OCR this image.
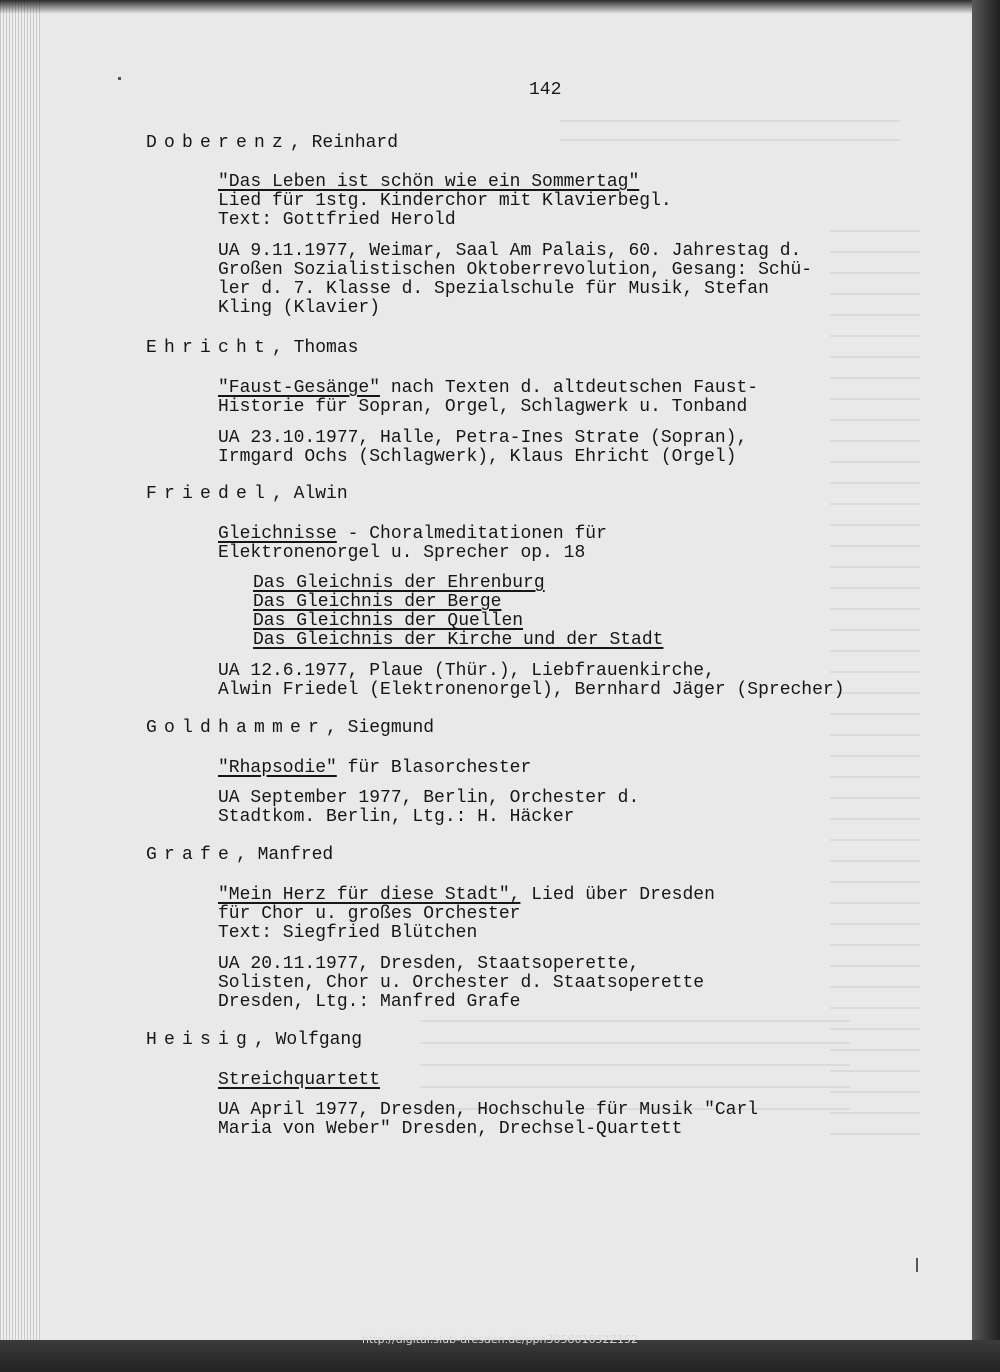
142
Doberenz, Reinhard
"Das Leben ist schön wie ein Sommertag"
Lied für 1stg. Kinderchor mit Klavierbegl.
Text: Gottfried Herold
UA 9.11.1977, Weimar, Saal Am Palais, 60. Jahrestag d.
Großen Sozialistischen Oktoberrevolution, Gesang: Schü-
ler d. 7. Klasse d. Spezialschule für Musik, Stefan
Kling (Klavier)
Ehricht, Thomas
"Faust-Gesänge" nach Texten d. altdeutschen Faust-
Historie für Sopran, Orgel, Schlagwerk u. Tonband
UA 23.10.1977, Halle, Petra-Ines Strate (Sopran),
Irmgard Ochs (Schlagwerk), Klaus Ehricht (Orgel)
Friedel, Alwin
Gleichnisse - Choralmeditationen für
Elektronenorgel u. Sprecher op. 18
Das Gleichnis der Ehrenburg
Das Gleichnis der Berge
Das Gleichnis der Quellen
Das Gleichnis der Kirche und der Stadt
UA 12.6.1977, Plaue (Thür.), Liebfrauenkirche,
Alwin Friedel (Elektronenorgel), Bernhard Jäger (Sprecher)
Goldhammer, Siegmund
"Rhapsodie" für Blasorchester
UA September 1977, Berlin, Orchester d.
Stadtkom. Berlin, Ltg.: H. Häcker
Grafe, Manfred
"Mein Herz für diese Stadt", Lied über Dresden
für Chor u. großes Orchester
Text: Siegfried Blütchen
UA 20.11.1977, Dresden, Staatsoperette,
Solisten, Chor u. Orchester d. Staatsoperette
Dresden, Ltg.: Manfred Grafe
Heisig, Wolfgang
Streichquartett
UA April 1977, Dresden, Hochschule für Musik "Carl
Maria von Weber" Dresden, Drechsel-Quartett
http://digital.slub-dresden.de/ppn305801652Z152
